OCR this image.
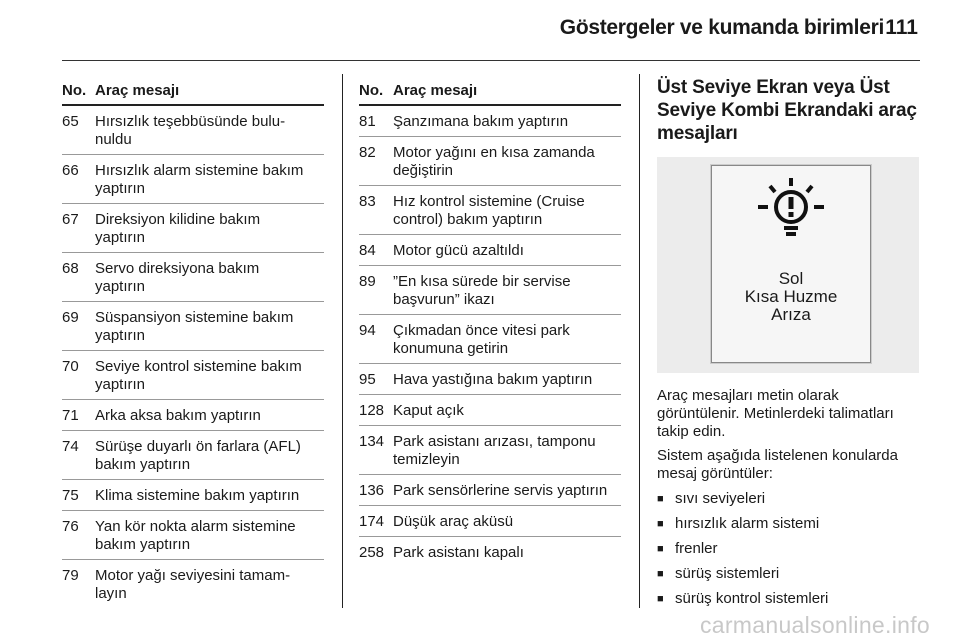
Göstergeler ve kumanda birimleri 111
No. Araç mesajı
65	Hırsızlık teşebbüsünde bulu-
nuldu
66	Hırsızlık alarm sistemine bakım yaptırın
67	Direksiyon kilidine bakım yaptırın
68	Servo direksiyona bakım yaptırın
69	Süspansiyon sistemine bakım yaptırın
70	Seviye kontrol sistemine bakım yaptırın
71	Arka aksa bakım yaptırın
74	Sürüşe duyarlı ön farlara (AFL) bakım yaptırın
75	Klima sistemine bakım yaptırın
76	Yan kör nokta alarm sistemine bakım yaptırın
79	Motor yağı seviyesini tamam-
layın
No. Araç mesajı
81	Şanzımana bakım yaptırın
82	Motor yağını en kısa zamanda değiştirin
83	Hız kontrol sistemine (Cruise control) bakım yaptırın
84	Motor gücü azaltıldı
89	”En kısa sürede bir servise başvurun” ikazı
94	Çıkmadan önce vitesi park konumuna getirin
95	Hava yastığına bakım yaptırın
128 Kaput açık
134 Park asistanı arızası, tamponu temizleyin
136 Park sensörlerine servis yaptırın
174 Düşük araç aküsü
258 Park asistanı kapalı
Üst Seviye Ekran veya Üst Seviye Kombi Ekrandaki araç mesajları
Sol
Kısa Huzme
Arıza

Araç mesajları metin olarak görüntülenir. Metinlerdeki talimatları takip edin.

Sistem aşağıda listelenen konularda mesaj görüntüler:

■ sıvı seviyeleri
■ hırsızlık alarm sistemi
■ frenler
■ sürüş sistemleri
■ sürüş kontrol sistemleri
carmanualsonline.info
